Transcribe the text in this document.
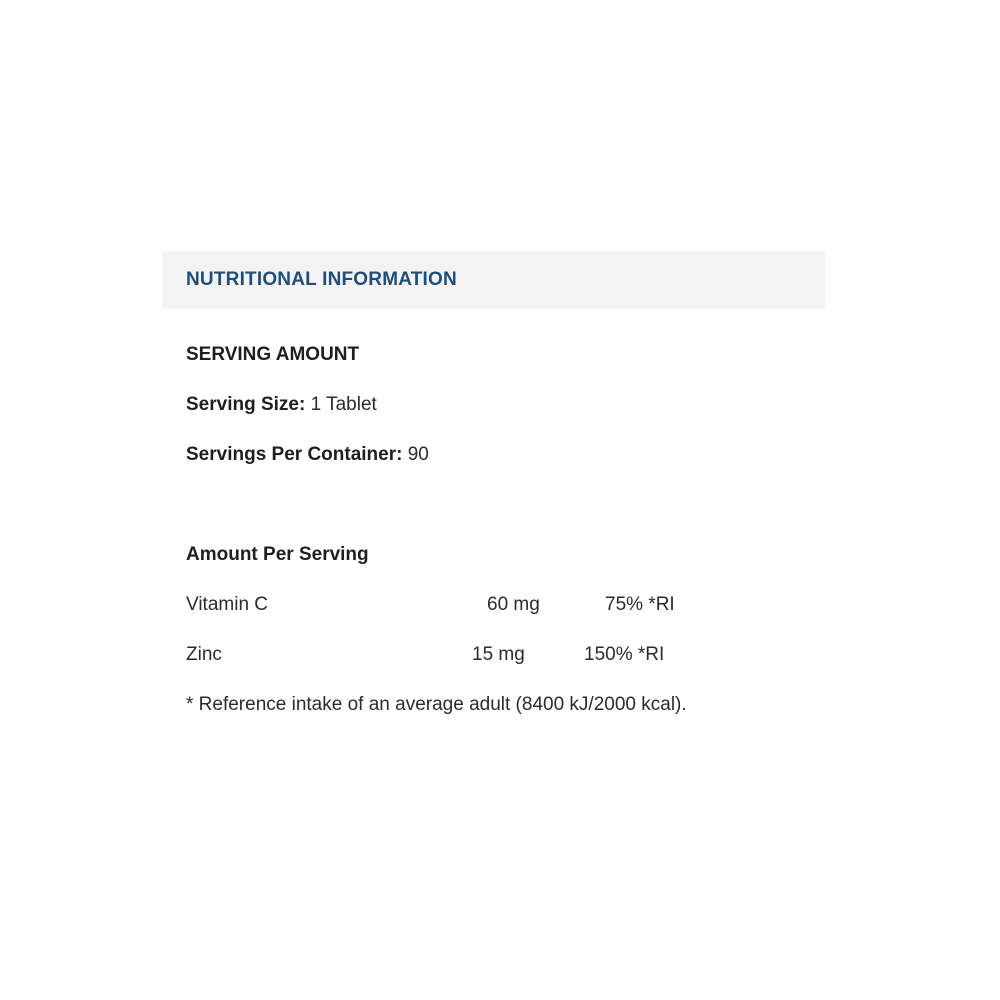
NUTRITIONAL INFORMATION
SERVING AMOUNT
Serving Size: 1 Tablet
Servings Per Container: 90
Amount Per Serving
Vitamin C	60 mg	75% *RI
Zinc	15 mg	150% *RI
* Reference intake of an average adult (8400 kJ/2000 kcal).
